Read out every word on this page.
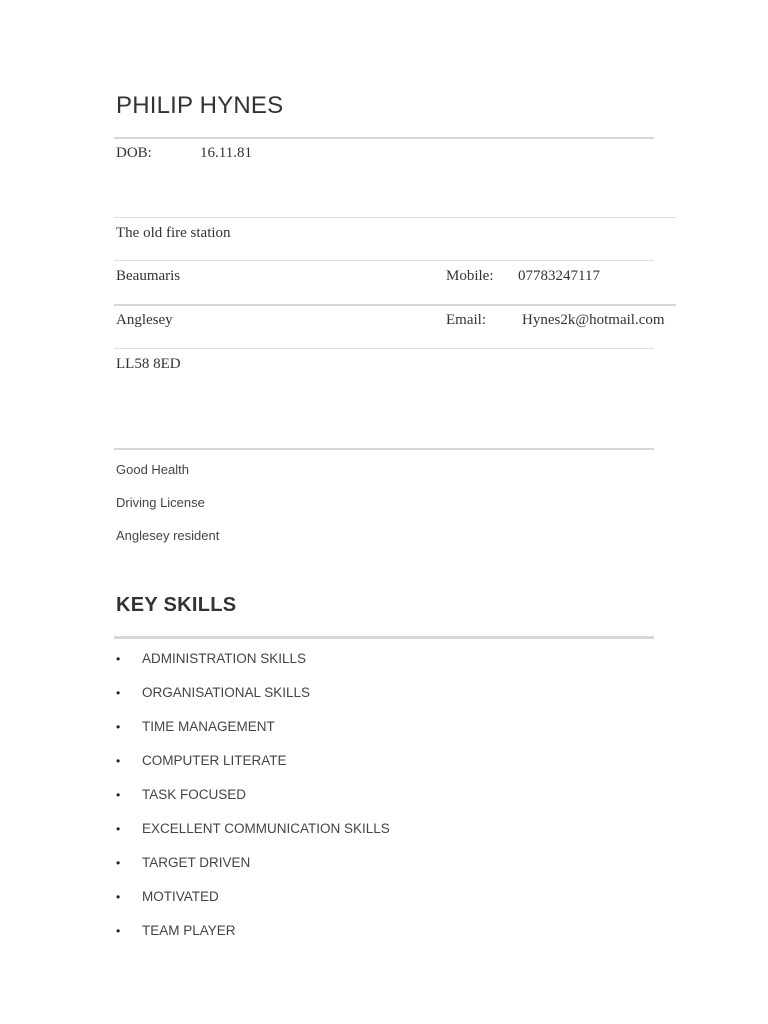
PHILIP HYNES
DOB:	16.11.81
The old fire station
Beaumaris	Mobile: 07783247117
Anglesey	Email: Hynes2k@hotmail.com
LL58 8ED
Good Health
Driving License
Anglesey resident
KEY SKILLS
•	ADMINISTRATION SKILLS
•	ORGANISATIONAL SKILLS
•	TIME MANAGEMENT
•	COMPUTER LITERATE
•	TASK FOCUSED
•	EXCELLENT COMMUNICATION SKILLS
•	TARGET DRIVEN
•	MOTIVATED
•	TEAM PLAYER
